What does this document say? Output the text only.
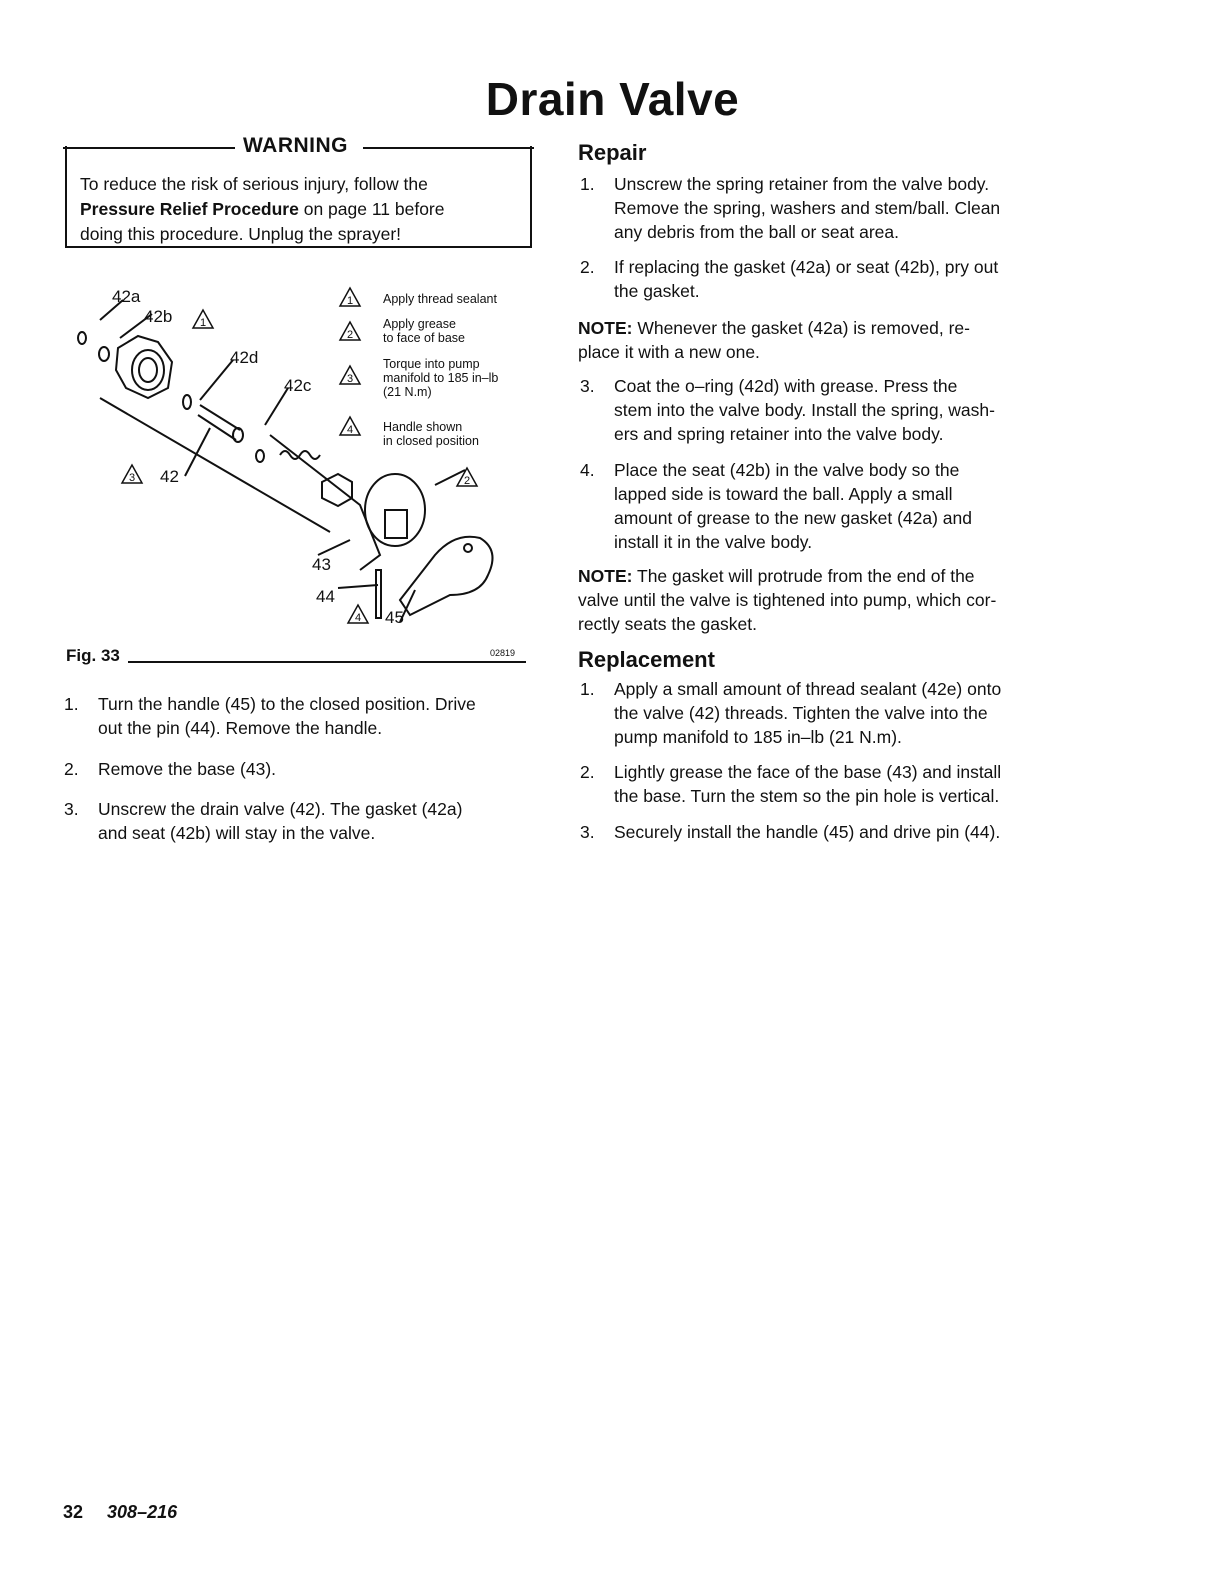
Drain Valve
WARNING
To reduce the risk of serious injury, follow the
Pressure Relief Procedure on page 11 before
doing this procedure. Unplug the sprayer!
42a
42b
42d
42c
42
43
44
45
1
3	2
4
1
2
3
4
Apply thread sealant
Apply grease
to face of base
Torque into pump
manifold to 185 in–lb
(21 N.m)
Handle shown
in closed position
Fig. 33	02819
1. Turn the handle (45) to the closed position. Drive
out the pin (44). Remove the handle.
2. Remove the base (43).
3. Unscrew the drain valve (42). The gasket (42a)
and seat (42b) will stay in the valve.
Repair
1. Unscrew the spring retainer from the valve body.
Remove the spring, washers and stem/ball. Clean
any debris from the ball or seat area.
2. If replacing the gasket (42a) or seat (42b), pry out
the gasket.
NOTE: Whenever the gasket (42a) is removed, re-
place it with a new one.
3. Coat the o–ring (42d) with grease. Press the
stem into the valve body. Install the spring, wash-
ers and spring retainer into the valve body.
4. Place the seat (42b) in the valve body so the
lapped side is toward the ball. Apply a small
amount of grease to the new gasket (42a) and
install it in the valve body.
NOTE: The gasket will protrude from the end of the
valve until the valve is tightened into pump, which cor-
rectly seats the gasket.
Replacement
1. Apply a small amount of thread sealant (42e) onto
the valve (42) threads. Tighten the valve into the
pump manifold to 185 in–lb (21 N.m).
2. Lightly grease the face of the base (43) and install
the base. Turn the stem so the pin hole is vertical.
3. Securely install the handle (45) and drive pin (44).
32 308–216
